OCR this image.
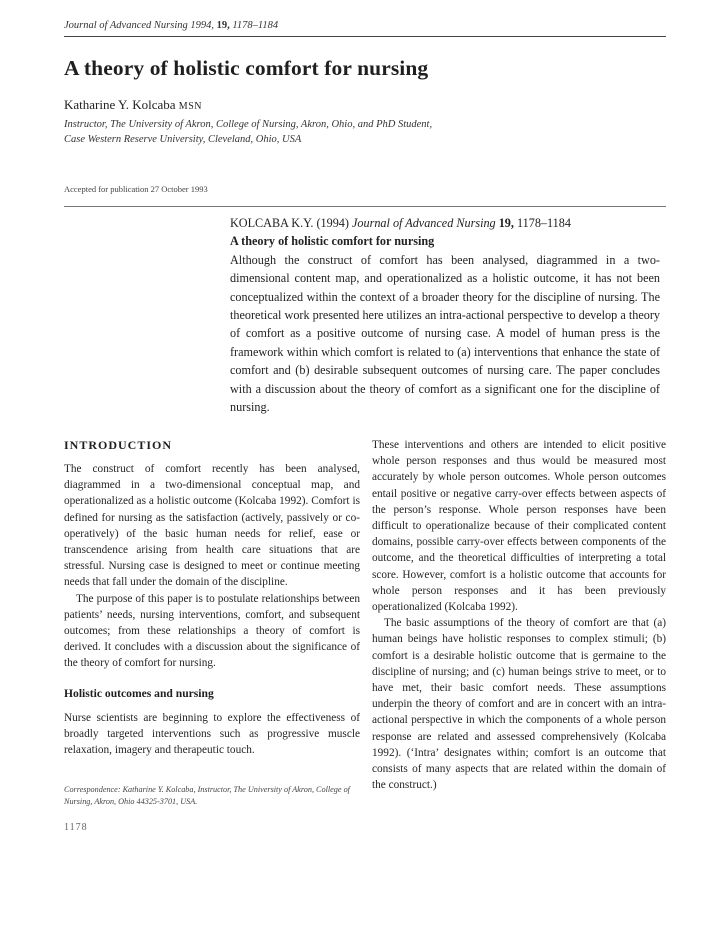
Journal of Advanced Nursing 1994, 19, 1178–1184
A theory of holistic comfort for nursing
Katharine Y. Kolcaba MSN
Instructor, The University of Akron, College of Nursing, Akron, Ohio, and PhD Student,
Case Western Reserve University, Cleveland, Ohio, USA
Accepted for publication 27 October 1993
KOLCABA K.Y. (1994) Journal of Advanced Nursing 19, 1178–1184
A theory of holistic comfort for nursing
Although the construct of comfort has been analysed, diagrammed in a two-dimensional content map, and operationalized as a holistic outcome, it has not been conceptualized within the context of a broader theory for the discipline of nursing. The theoretical work presented here utilizes an intra-actional perspective to develop a theory of comfort as a positive outcome of nursing case. A model of human press is the framework within which comfort is related to (a) interventions that enhance the state of comfort and (b) desirable subsequent outcomes of nursing care. The paper concludes with a discussion about the theory of comfort as a significant one for the discipline of nursing.
INTRODUCTION

The construct of comfort recently has been analysed, diagrammed in a two-dimensional conceptual map, and operationalized as a holistic outcome (Kolcaba 1992). Comfort is defined for nursing as the satisfaction (actively, passively or co-operatively) of the basic human needs for relief, ease or transcendence arising from health care situations that are stressful. Nursing case is designed to meet or continue meeting needs that fall under the domain of the discipline.

The purpose of this paper is to postulate relationships between patients’ needs, nursing interventions, comfort, and subsequent outcomes; from these relationships a theory of comfort is derived. It concludes with a discussion about the significance of the theory of comfort for nursing.

Holistic outcomes and nursing

Nurse scientists are beginning to explore the effectiveness of broadly targeted interventions such as progressive muscle relaxation, imagery and therapeutic touch.

Correspondence: Katharine Y. Kolcaba, Instructor, The University of Akron, College of Nursing, Akron, Ohio 44325-3701, USA.
1178

These interventions and others are intended to elicit positive whole person responses and thus would be measured most accurately by whole person outcomes. Whole person outcomes entail positive or negative carry-over effects between aspects of the person’s response. Whole person responses have been difficult to operationalize because of their complicated content domains, possible carry-over effects between components of the outcome, and the theoretical difficulties of interpreting a total score. However, comfort is a holistic outcome that accounts for whole person responses and it has been previously operationalized (Kolcaba 1992).

The basic assumptions of the theory of comfort are that (a) human beings have holistic responses to complex stimuli; (b) comfort is a desirable holistic outcome that is germaine to the discipline of nursing; and (c) human beings strive to meet, or to have met, their basic comfort needs. These assumptions underpin the theory of comfort and are in concert with an intra-actional perspective in which the components of a whole person response are related and assessed comprehensively (Kolcaba 1992). (‘Intra’ designates within; comfort is an outcome that consists of many aspects that are related within the domain of the construct.)
